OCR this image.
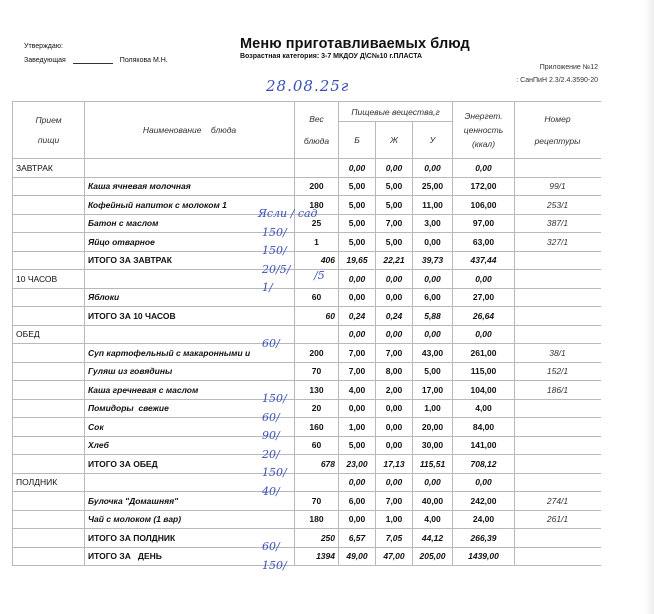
Утверждаю:
Заведующая	Полякова М.Н.
Меню приготавливаемых блюд
Возрастная категория: 3-7 МКДОУ Д\С№10 г.ПЛАСТА
Приложение №12
: СанПиН 2.3/2.4.3590-20
28.08.25г
Прием
пищи	Наименование    блюда	Вес
блюда	Пищевые вещества,г			Энергет.
ценность
(ккал)	Номер
рецептуры
			Б	Ж	У		
ЗАВТРАК			0,00	0,00	0,00	0,00	
	Каша ячневая молочная	200	5,00	5,00	25,00	172,00	99/1
	Кофейный напиток с молоком 1	180	5,00	5,00	11,00	106,00	253/1
	Батон с маслом	25	5,00	7,00	3,00	97,00	387/1
	Яйцо отварное	1	5,00	5,00	0,00	63,00	327/1
	ИТОГО ЗА ЗАВТРАК	406	19,65	22,21	39,73	437,44	
10 ЧАСОВ			0,00	0,00	0,00	0,00	
	Яблоки	60	0,00	0,00	6,00	27,00	
	ИТОГО ЗА 10 ЧАСОВ	60	0,24	0,24	5,88	26,64	
ОБЕД			0,00	0,00	0,00	0,00	
	Суп картофельный с макаронными и	200	7,00	7,00	43,00	261,00	38/1
	Гуляш из говядины	70	7,00	8,00	5,00	115,00	152/1
	Каша гречневая с маслом	130	4,00	2,00	17,00	104,00	186/1
	Помидоры  свежие	20	0,00	0,00	1,00	4,00	
	Сок	160	1,00	0,00	20,00	84,00	
	Хлеб	60	5,00	0,00	30,00	141,00	
	ИТОГО ЗА ОБЕД	678	23,00	17,13	115,51	708,12	
ПОЛДНИК			0,00	0,00	0,00	0,00	
	Булочка "Домашняя"	70	6,00	7,00	40,00	242,00	274/1
	Чай с молоком (1 вар)	180	0,00	1,00	4,00	24,00	261/1
	ИТОГО ЗА ПОЛДНИК	250	6,57	7,05	44,12	266,39	
	ИТОГО ЗА   ДЕНЬ	1394	49,00	47,00	205,00	1439,00	
Ясли / сад
150/
150/
20/5/ /5
1/
60/
150/
60/
90/
20/
150/
40/
60/
150/
